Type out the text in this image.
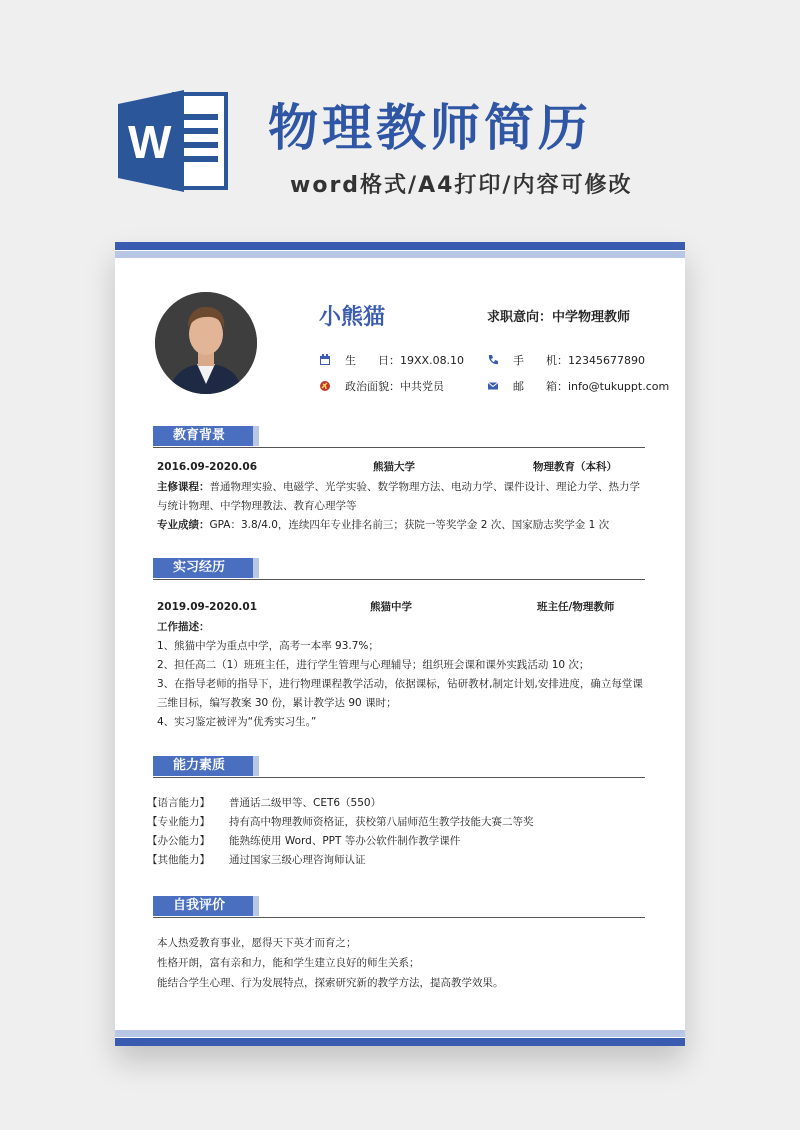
W 物理教师简历
word格式/A4打印/内容可修改
小熊猫	求职意向：中学物理教师
生　　日： 19XX.08.10	手　　机： 12345677890
政治面貌： 中共党员	邮　　箱： info@tukuppt.com
教育背景
2016.09-2020.06	熊猫大学	物理教育（本科）
主修课程：普通物理实验、电磁学、光学实验、数学物理方法、电动力学、课件设计、理论力学、热力学
与统计物理、中学物理教法、教育心理学等
专业成绩：GPA：3.8/4.0，连续四年专业排名前三；获院一等奖学金 2 次、国家励志奖学金 1 次
实习经历
2019.09-2020.01	熊猫中学	班主任/物理教师
工作描述：
1、熊猫中学为重点中学，高考一本率 93.7%；
2、担任高二（1）班班主任，进行学生管理与心理辅导；组织班会课和课外实践活动 10 次；
3、在指导老师的指导下，进行物理课程教学活动，依据课标，钻研教材,制定计划,安排进度，确立每堂课
三维目标，编写教案 30 份，累计教学达 90 课时；
4、实习鉴定被评为“优秀实习生。”
能力素质
【语言能力】 普通话二级甲等、CET6（550）
【专业能力】 持有高中物理教师资格证，获校第八届师范生教学技能大赛二等奖
【办公能力】 能熟练使用 Word、PPT 等办公软件制作教学课件
【其他能力】 通过国家三级心理咨询师认证
自我评价
本人热爱教育事业，愿得天下英才而育之；
性格开朗，富有亲和力，能和学生建立良好的师生关系；
能结合学生心理、行为发展特点，探索研究新的教学方法，提高教学效果。
